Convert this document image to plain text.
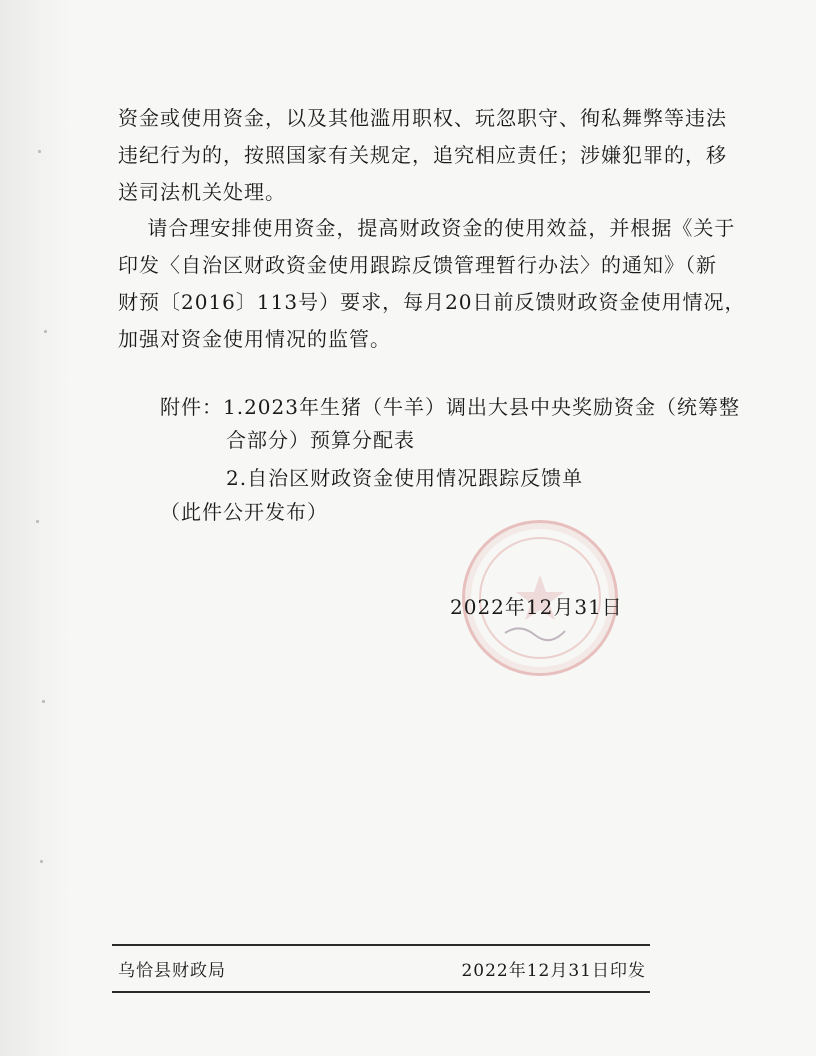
资金或使用资金，以及其他滥用职权、玩忽职守、徇私舞弊等违法
违纪行为的，按照国家有关规定，追究相应责任；涉嫌犯罪的，移
送司法机关处理。
请合理安排使用资金，提高财政资金的使用效益，并根据《关于
印发〈自治区财政资金使用跟踪反馈管理暂行办法〉的通知》（新
财预〔2016〕113号）要求，每月20日前反馈财政资金使用情况，
加强对资金使用情况的监管。
附件：1.2023年生猪（牛羊）调出大县中央奖励资金（统筹整
合部分）预算分配表
2.自治区财政资金使用情况跟踪反馈单
（此件公开发布）
2022年12月31日
乌恰县财政局	2022年12月31日印发
